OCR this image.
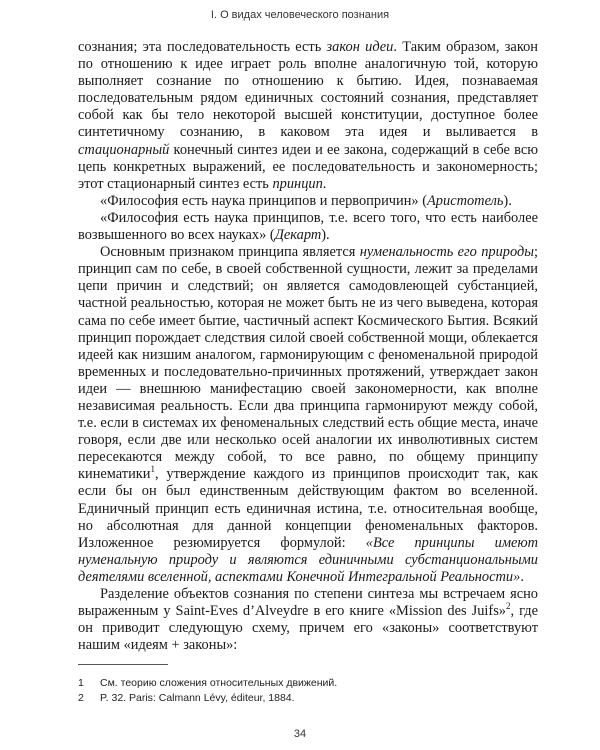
I. О видах человеческого познания

сознания; эта последовательность есть закон идеи. Таким образом, закон по отношению к идее играет роль вполне аналогичную той, которую выполняет сознание по отношению к бытию. Идея, познаваемая последовательным рядом единичных состояний сознания, представляет собой как бы тело некоторой высшей конституции, доступное более синтетичному сознанию, в каковом эта идея и выливается в стационарный конечный синтез идеи и ее закона, содержащий в себе всю цепь конкретных выражений, ее последовательность и закономерность; этот стационарный синтез есть принцип.

«Философия есть наука принципов и первопричин» (Аристотель).

«Философия есть наука принципов, т.е. всего того, что есть наиболее возвышенного во всех науках» (Декарт).

Основным признаком принципа является нуменальность его природы; принцип сам по себе, в своей собственной сущности, лежит за пределами цепи причин и следствий; он является самодовлеющей субстанцией, частной реальностью, которая не может быть не из чего выведена, которая сама по себе имеет бытие, частичный аспект Космического Бытия. Всякий принцип порождает следствия силой своей собственной мощи, облекается идеей как низшим аналогом, гармонирующим с феноменальной природой временных и последовательно-причинных протяжений, утверждает закон идеи — внешнюю манифестацию своей закономерности, как вполне независимая реальность. Если два принципа гармонируют между собой, т.е. если в системах их феноменальных следствий есть общие места, иначе говоря, если две или несколько осей аналогии их инволютивных систем пересекаются между собой, то все равно, по общему принципу кинематики$^1$, утверждение каждого из принципов происходит так, как если бы он был единственным действующим фактом во вселенной. Единичный принцип есть единичная истина, т.е. относительная вообще, но абсолютная для данной концепции феноменальных факторов. Изложенное резюмируется формулой: «Все принципы имеют нуменальную природу и являются единичными субстанциональными деятелями вселенной, аспектами Конечной Интегральной Реальности».

Разделение объектов сознания по степени синтеза мы встречаем ясно выраженным у Saint-Eves d’Alveydre в его книге «Mission des Juifs»$^2$, где он приводит следующую схему, причем его «законы» соответствуют нашим «идеям + законы»:

1	См. теорию сложения относительных движений.
2	P. 32. Paris: Calmann Lévy, éditeur, 1884.
34
